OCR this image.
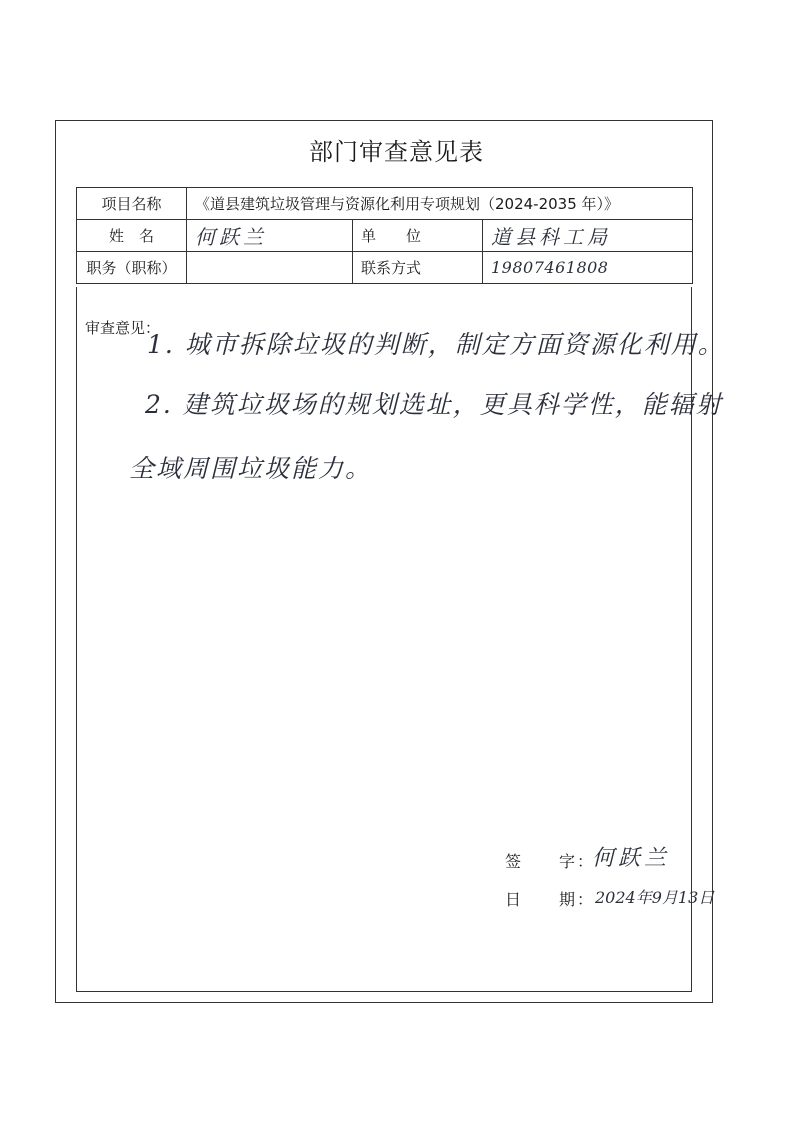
部门审查意见表
项目名称	《道县建筑垃圾管理与资源化利用专项规划（2024-2035 年）》		
姓　名	何跃兰	单　　位	道县科工局
职务（职称）		联系方式	19807461808
审查意见：
1. 城市拆除垃圾的判断，制定方面资源化利用。
2. 建筑垃圾场的规划选址，更具科学性，能辐射
全域周围垃圾能力。
签　　字：
何跃兰
日　　期： 2024年9月13日
